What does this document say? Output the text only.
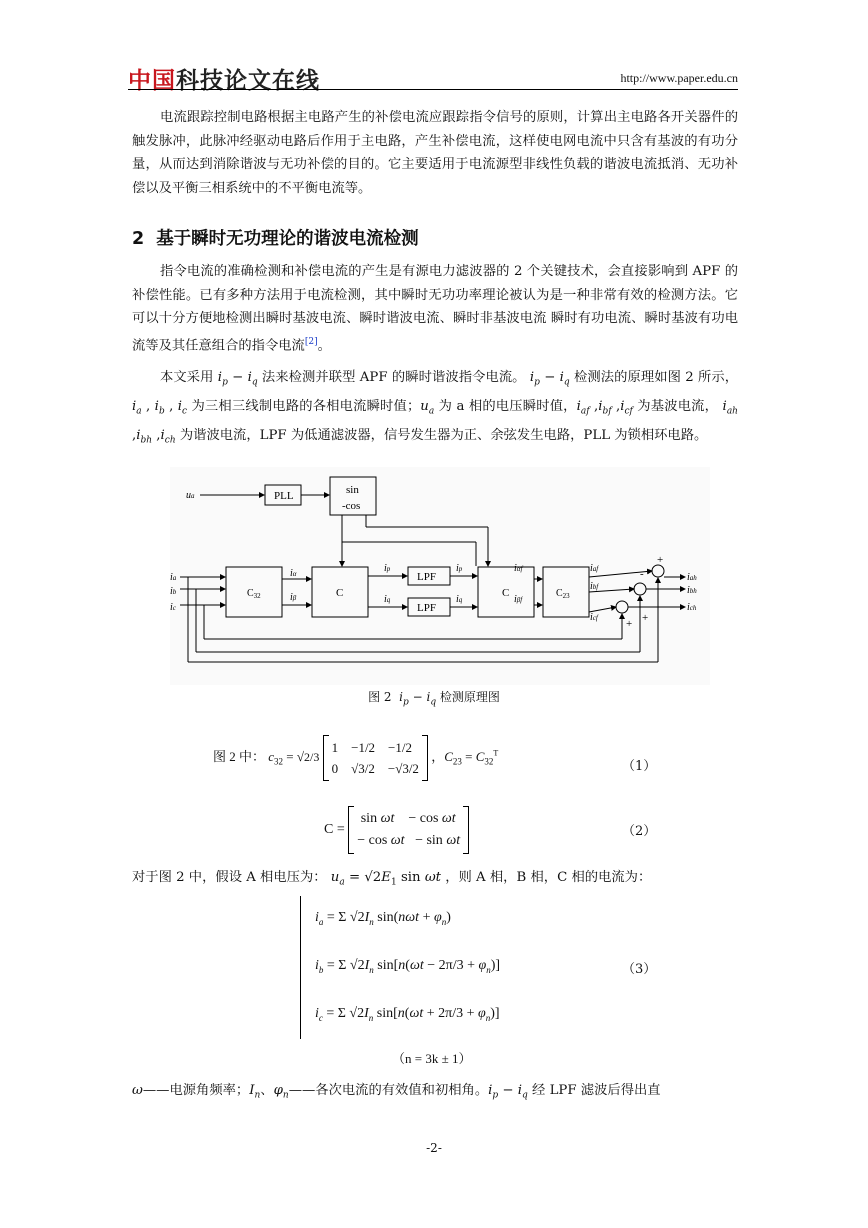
中国科技论文在线	http://www.paper.edu.cn

电流跟踪控制电路根据主电路产生的补偿电流应跟踪指令信号的原则，计算出主电路各开关器件的触发脉冲，此脉冲经驱动电路后作用于主电路，产生补偿电流，这样使电网电流中只含有基波的有功分量，从而达到消除谐波与无功补偿的目的。它主要适用于电流源型非线性负载的谐波电流抵消、无功补偿以及平衡三相系统中的不平衡电流等。

2 基于瞬时无功理论的谐波电流检测

指令电流的准确检测和补偿电流的产生是有源电力滤波器的 2 个关键技术，会直接影响到 APF 的补偿性能。已有多种方法用于电流检测，其中瞬时无功功率理论被认为是一种非常有效的检测方法。它可以十分方便地检测出瞬时基波电流、瞬时谐波电流、瞬时非基波电流 瞬时有功电流、瞬时基波有功电流等及其任意组合的指令电流[2]。

本文采用 $i_p - i_q$ 法来检测并联型 APF 的瞬时谐波指令电流。 $i_p - i_q$ 检测法的原理如图 2 所示，$i_a$ , $i_b$ , $i_c$ 为三相三线制电路的各相电流瞬时值；$u_a$ 为 a 相的电压瞬时值，$i_{af}$ $,i_{bf}$ $,i_{cf}$ 为基波电流， $i_{ah}$ $,i_{bh}$ $,i_{ch}$ 为谐波电流，LPF 为低通滤波器，信号发生器为正、余弦发生电路，PLL 为锁相环电路。

PLL	sin
-cos
$C_{32}$	C
LPF
LPF
C	$C_{23}$
ua
ia
ib
ic
iα
iβ
ip
iq
ip
iq
iαf
iβf
iaf
ibf
icf
iah
ibh
ich
+
+
+
-
图 2 $i_p - i_q$ 检测原理图
图 2 中： $c_{32} = √2/3$ 1    −1/2    −1/2
0    √3/2    −√3/2 ，$C_{23} = C_{32}^T$
（1）
C =  sin ωt    − cos ωt
− cos ωt   − sin ωt
（2）

对于图 2 中，假设 A 相电压为： $u_a = √2E_1$ sin ωt ，则 A 相，B 相，C 相的电流为：

$i_a = \Sigma$ $√2I_n$ $\sin(n\omega t + \varphi_n)$
$i_b = \Sigma$ $√2I_n$ $\sin[n(\omega t - 2\pi/3 + \varphi_n)]$
$i_c = \Sigma$ $√2I_n$ $\sin[n(\omega t + 2\pi/3 + \varphi_n)]$
（3）
（n = 3k ± 1）

ω——电源角频率；$I_n$、$\varphi_n——$各次电流的有效值和初相角。$i_p - i_q$ 经 LPF 滤波后得出直

-2-
